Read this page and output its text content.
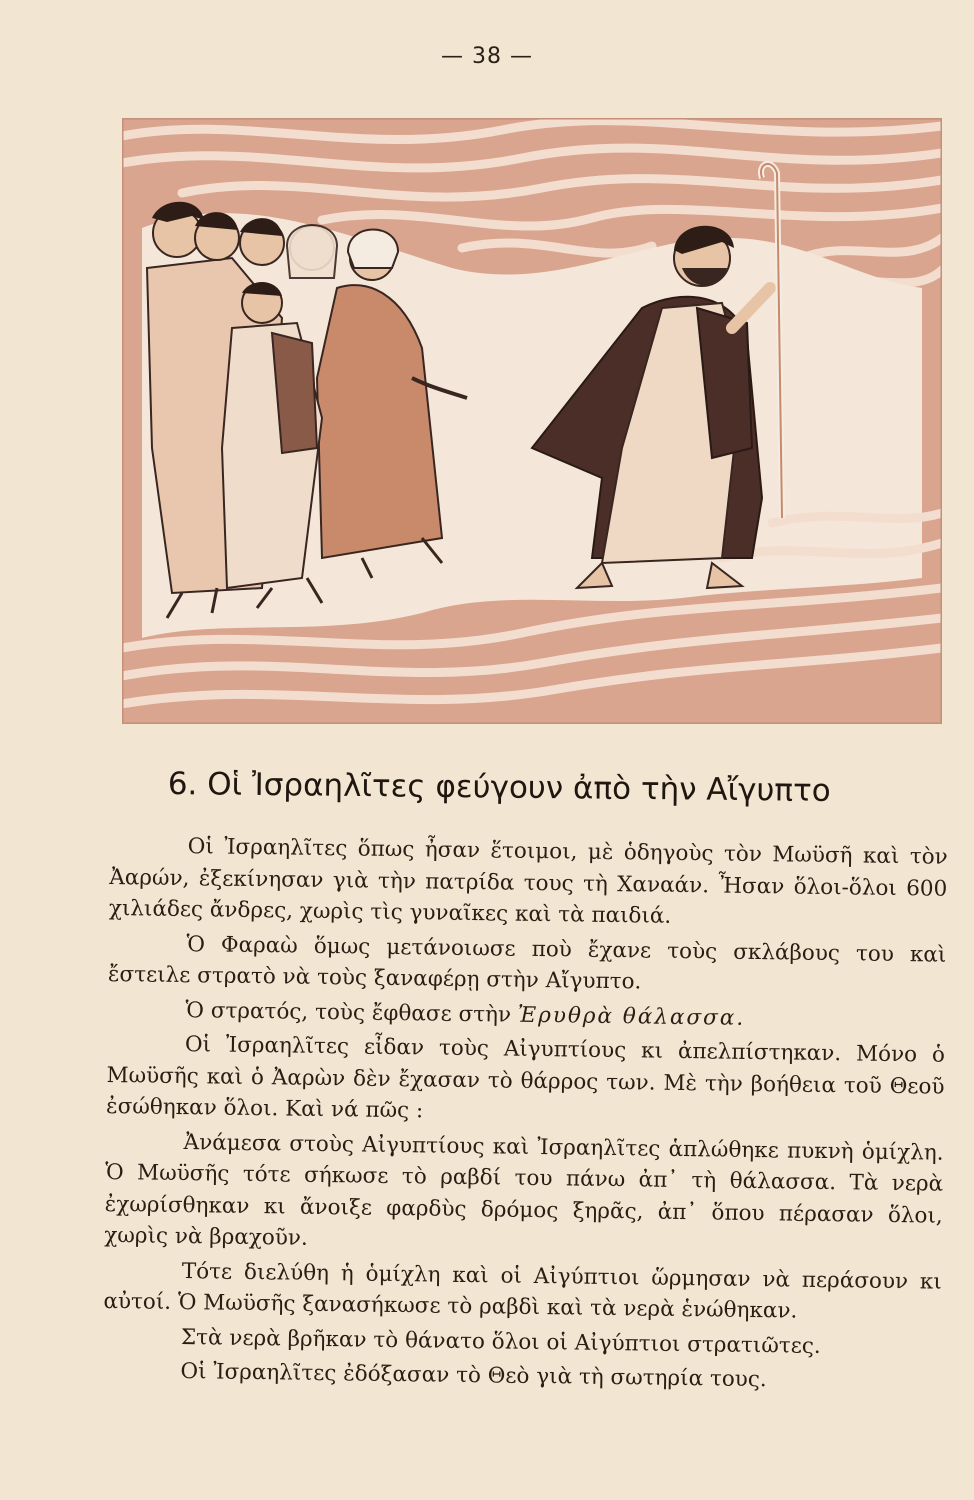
— 38 —
6. Οἱ Ἰσραηλῖτες φεύγουν ἀπὸ τὴν Αἴγυπτο

Οἱ Ἰσραηλῖτες ὅπως ἦσαν ἕτοιμοι, μὲ ὁδηγοὺς τὸν Μωϋσῆ καὶ τὸν Ἀαρών, ἐξεκίνησαν γιὰ τὴν πατρίδα τους τὴ Χαναάν. Ἦσαν ὅλοι-ὅλοι 600 χιλιάδες ἄνδρες, χωρὶς τὶς γυναῖκες καὶ τὰ παιδιά.

Ὁ Φαραὼ ὅμως μετάνοιωσε ποὺ ἔχανε τοὺς σκλάβους του καὶ ἔστειλε στρατὸ νὰ τοὺς ξαναφέρῃ στὴν Αἴγυπτο.

Ὁ στρατός, τοὺς ἔφθασε στὴν Ἐρυθρὰ θάλασσα.

Οἱ Ἰσραηλῖτες εἶδαν τοὺς Αἰγυπτίους κι ἀπελπίστηκαν. Μόνο ὁ Μωϋσῆς καὶ ὁ Ἀαρὼν δὲν ἔχασαν τὸ θάρρος των. Μὲ τὴν βοήθεια τοῦ Θεοῦ ἐσώθηκαν ὅλοι. Καὶ νά πῶς :

Ἀνάμεσα στοὺς Αἰγυπτίους καὶ Ἰσραηλῖτες ἁπλώθηκε πυκνὴ ὁμίχλη. Ὁ Μωϋσῆς τότε σήκωσε τὸ ραβδί του πάνω ἀπ᾿ τὴ θάλασσα. Τὰ νερὰ ἐχωρίσθηκαν κι ἄνοιξε φαρδὺς δρόμος ξηρᾶς, ἀπ᾿ ὅπου πέρασαν ὅλοι, χωρὶς νὰ βραχοῦν.

Τότε διελύθη ἡ ὁμίχλη καὶ οἱ Αἰγύπτιοι ὥρμησαν νὰ περάσουν κι αὐτοί. Ὁ Μωϋσῆς ξανασήκωσε τὸ ραβδὶ καὶ τὰ νερὰ ἑνώθηκαν.

Στὰ νερὰ βρῆκαν τὸ θάνατο ὅλοι οἱ Αἰγύπτιοι στρατιῶτες.

Οἱ Ἰσραηλῖτες ἐδόξασαν τὸ Θεὸ γιὰ τὴ σωτηρία τους.
